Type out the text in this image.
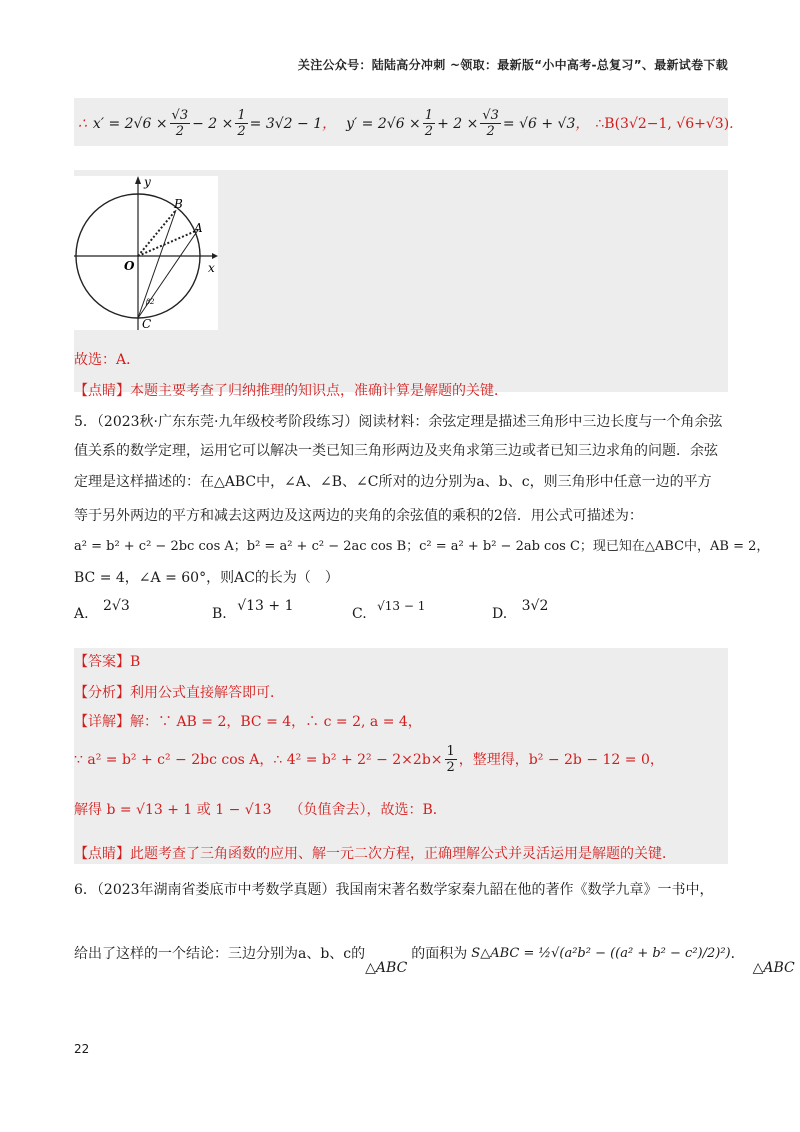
关注公众号：陆陆高分冲刺 ~领取：最新版“小中高考-总复习”、最新试卷下载
∴ $x' = 2√6 \times \frac{√3}{2} - 2 \times \frac{1}{2} = 3√2 - 1$ ， $y' = 2√6 \times \frac{1}{2} + 2 \times \frac{√3}{2} = √6 + √3$ ， ∴B(3√2−1, √6+√3) .
y
x
O
A
B
C
β2
故选：A．
【点睛】本题主要考查了归纳推理的知识点，准确计算是解题的关键．
5．（2023秋·广东东莞·九年级校考阶段练习）阅读材料：余弦定理是描述三角形中三边长度与一个角余弦
值关系的数学定理，运用它可以解决一类已知三角形两边及夹角求第三边或者已知三边求角的问题．余弦
定理是这样描述的：在△ABC中，∠A、∠B、∠C所对的边分别为a、b、c，则三角形中任意一边的平方
等于另外两边的平方和减去这两边及这两边的夹角的余弦值的乘积的2倍．用公式可描述为：
a² = b² + c² − 2bc cos A；b² = a² + c² − 2ac cos B；c² = a² + b² − 2ab cos C；现已知在△ABC中，AB = 2，
BC = 4，∠A = 60°，则AC的长为（　）
A. 2√3	B. √13 + 1	C. √13 − 1	D. 3√2
【答案】B
【分析】利用公式直接解答即可．
【详解】解：∵ AB = 2，BC = 4，∴ c = 2, a = 4，
∵ a² = b² + c² − 2bc cos A，∴ $4^2 = b^2 + 2^2 - 2\times 2b\times \frac{1}{2}$ ，整理得，b² − 2b − 12 = 0，
解得 b = √13 + 1 或 1 − √13 （负值舍去），故选：B．
【点睛】此题考查了三角函数的应用、解一元二次方程，正确理解公式并灵活运用是解题的关键．
6．（2023年湖南省娄底市中考数学真题）我国南宋著名数学家秦九韶在他的著作《数学九章》一书中，
给出了这样的一个结论：三边分别为a、b、c的
△ABC
的面积为 S△ABC = ½√(a²b² − ((a² + b² − c²)/2)²) ．
△ABC
22
